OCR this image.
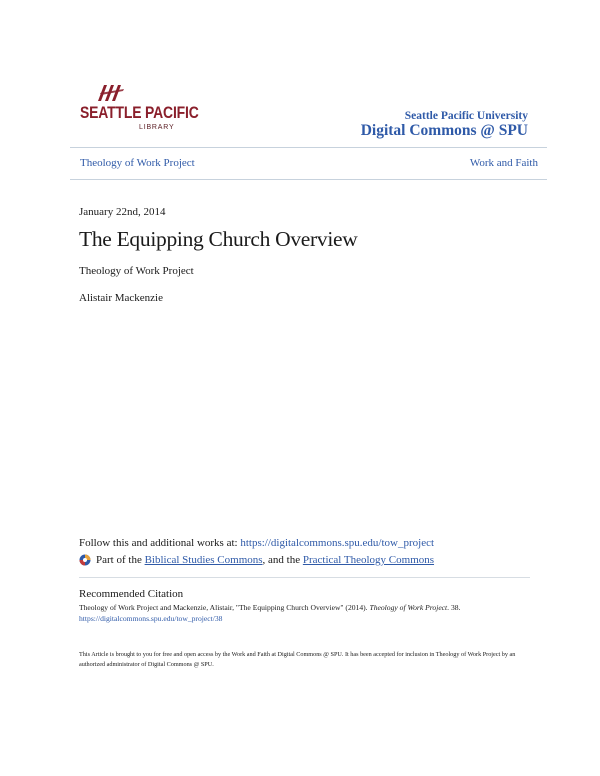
SEATTLE PACIFIC
LIBRARY
Seattle Pacific University
Digital Commons @ SPU
Theology of Work Project	Work and Faith
January 22nd, 2014
The Equipping Church Overview
Theology of Work Project
Alistair Mackenzie
Follow this and additional works at: https://digitalcommons.spu.edu/tow_project
Part of the
Biblical Studies Commons , and the
Practical Theology Commons
Recommended Citation
Theology of Work Project and Mackenzie, Alistair, "The Equipping Church Overview" (2014). Theology of Work Project. 38.
https://digitalcommons.spu.edu/tow_project/38
This Article is brought to you for free and open access by the Work and Faith at Digital Commons @ SPU. It has been accepted for inclusion in Theology of Work Project by an authorized administrator of Digital Commons @ SPU.
